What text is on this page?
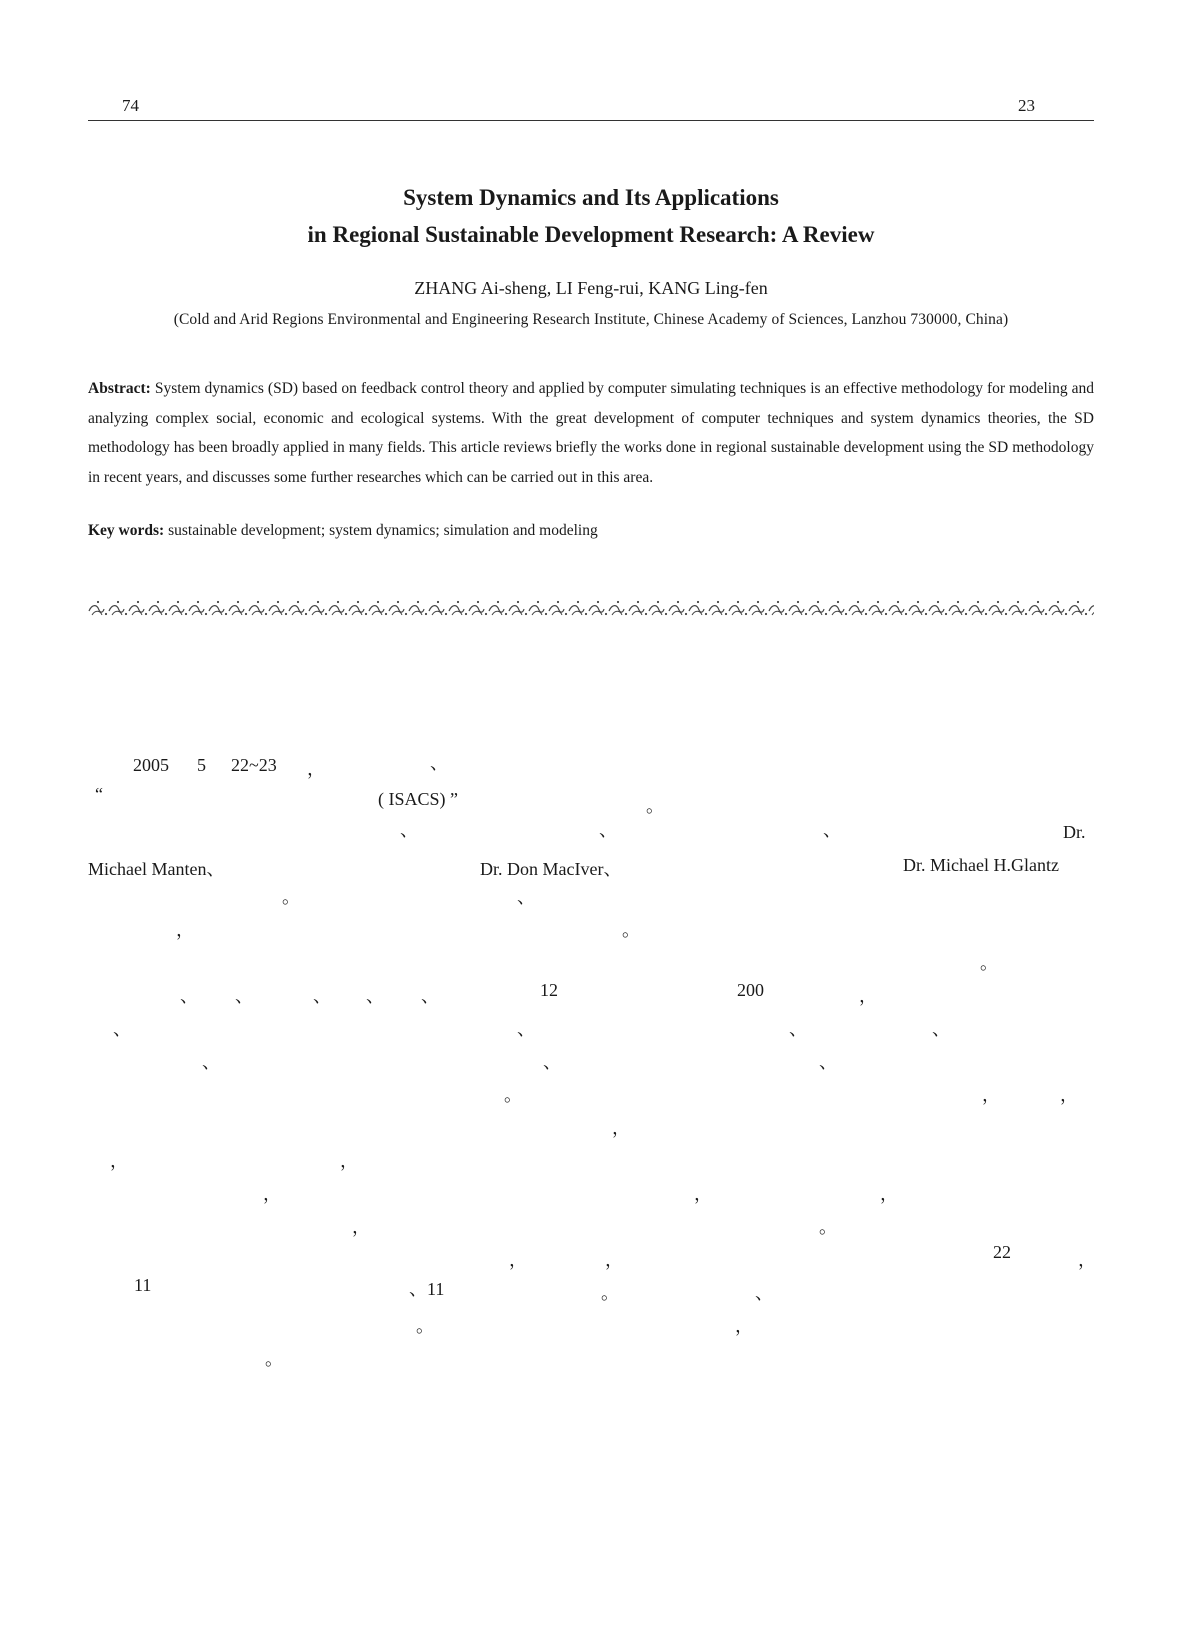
74	23
System Dynamics and Its Applications
in Regional Sustainable Development Research: A Review
ZHANG Ai-sheng, LI Feng-rui, KANG Ling-fen
(Cold and Arid Regions Environmental and Engineering Research Institute, Chinese Academy of Sciences, Lanzhou 730000, China)
Abstract: System dynamics (SD) based on feedback control theory and applied by computer simulating techniques is an effective methodology for modeling and analyzing complex social, economic and ecological systems. With the great development of computer techniques and system dynamics theories, the SD methodology has been broadly applied in many fields. This article reviews briefly the works done in regional sustainable development using the SD methodology in recent years, and discusses some further researches which can be carried out in this area.
Key words: sustainable development; system dynamics; simulation and modeling
2005 5 22~23 ，	、
“	( ISACS) ”	。
、	、	、	Dr.
Michael Manten、	Dr. Don MacIver、	Dr. Michael H.Glantz
。	、
，	。
。
、 、	、 、 、	12	200	，
、	、	、	、
、	、	、
。	，	，
，
，	，
，	，	，
，	。
，	，	22	，
11	、11	。	、
。	，
。
